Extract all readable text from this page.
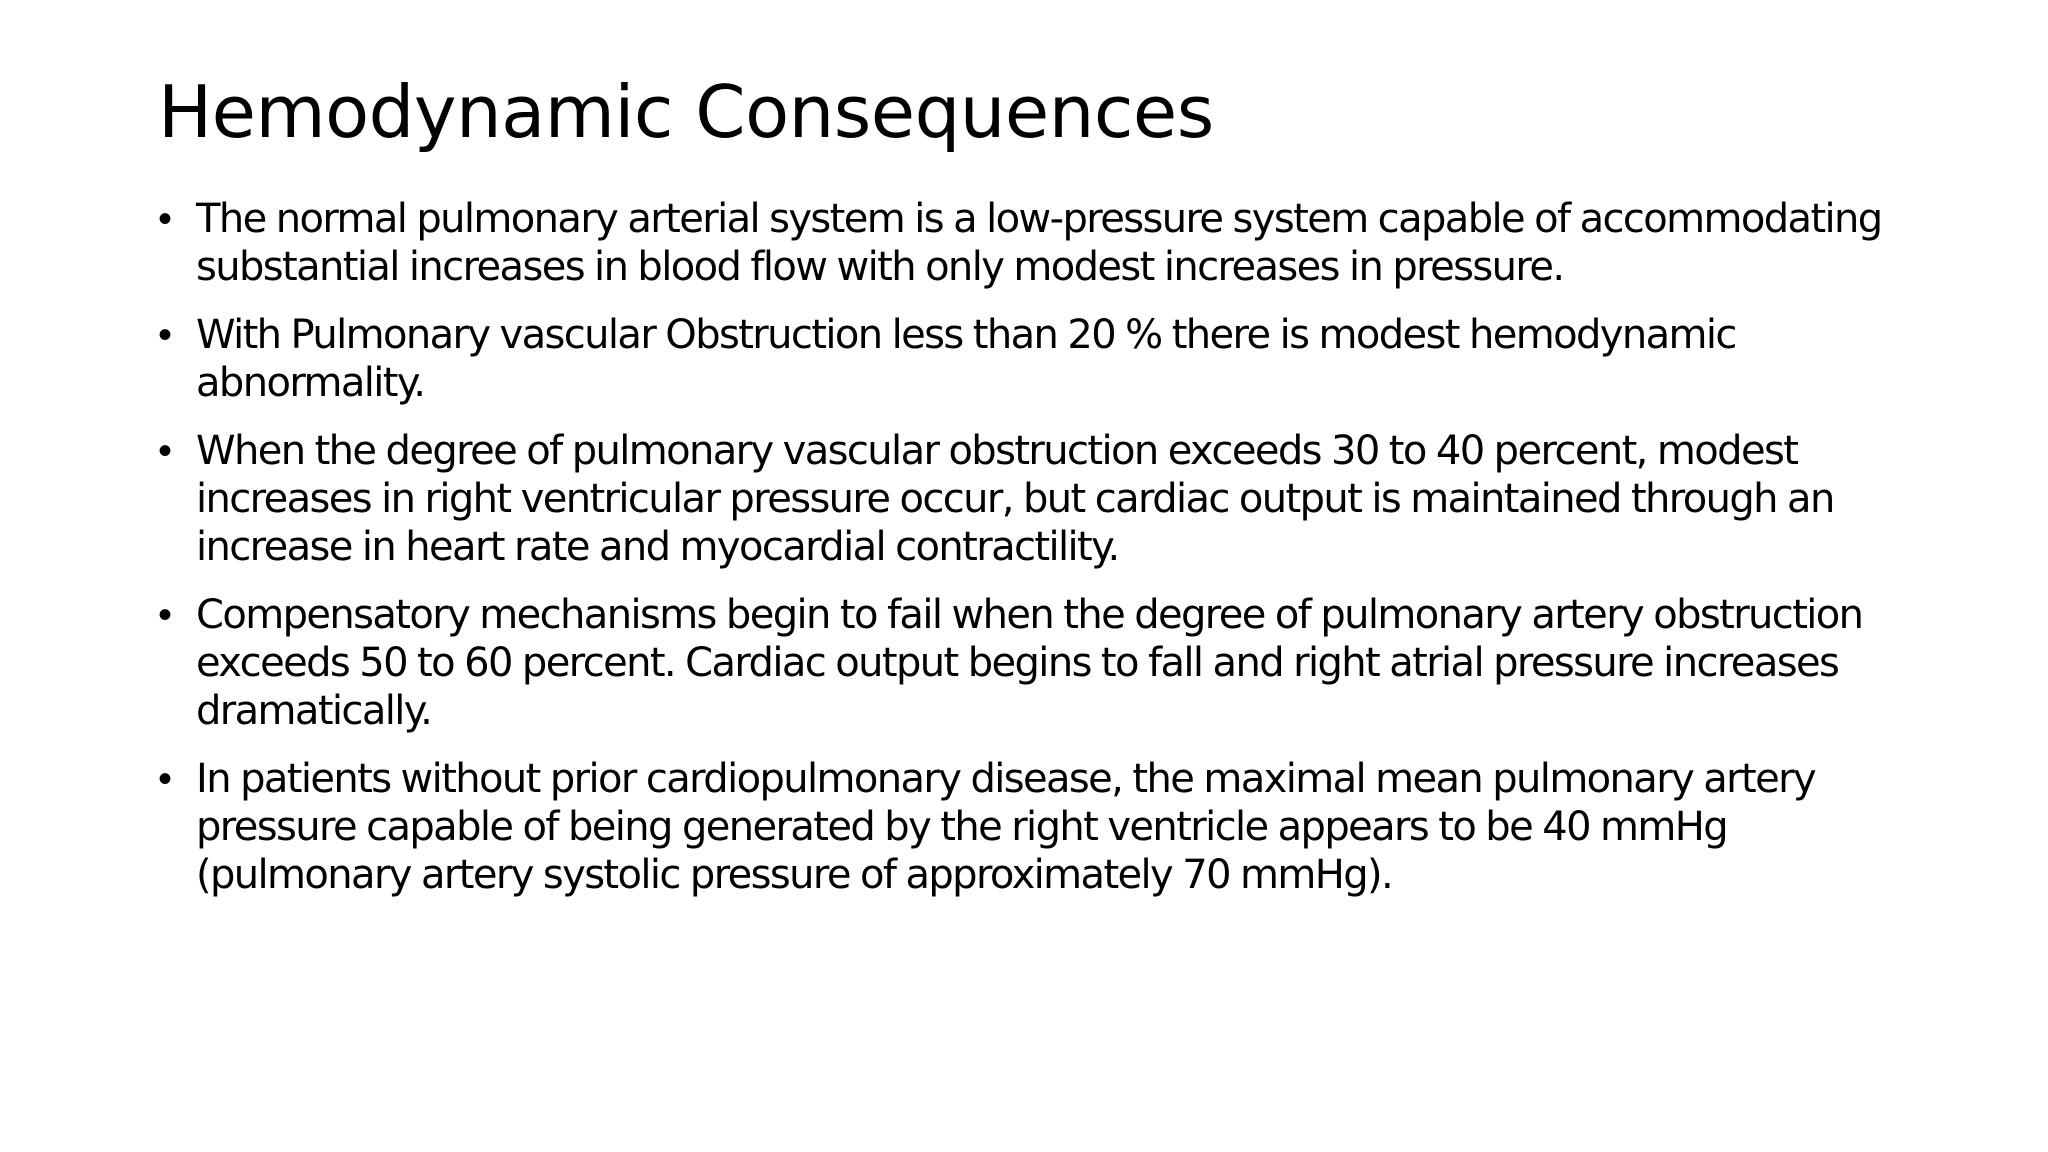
Hemodynamic Consequences
• The normal pulmonary arterial system is a low-pressure system capable of accommodating substantial increases in blood flow with only modest increases in pressure.
• With Pulmonary vascular Obstruction less than 20 % there is modest hemodynamic abnormality.
• When the degree of pulmonary vascular obstruction exceeds 30 to 40 percent, modest increases in right ventricular pressure occur, but cardiac output is maintained through an increase in heart rate and myocardial contractility.
• Compensatory mechanisms begin to fail when the degree of pulmonary artery obstruction exceeds 50 to 60 percent. Cardiac output begins to fall and right atrial pressure increases dramatically.
• In patients without prior cardiopulmonary disease, the maximal mean pulmonary artery pressure capable of being generated by the right ventricle appears to be 40 mmHg (pulmonary artery systolic pressure of approximately 70 mmHg).
